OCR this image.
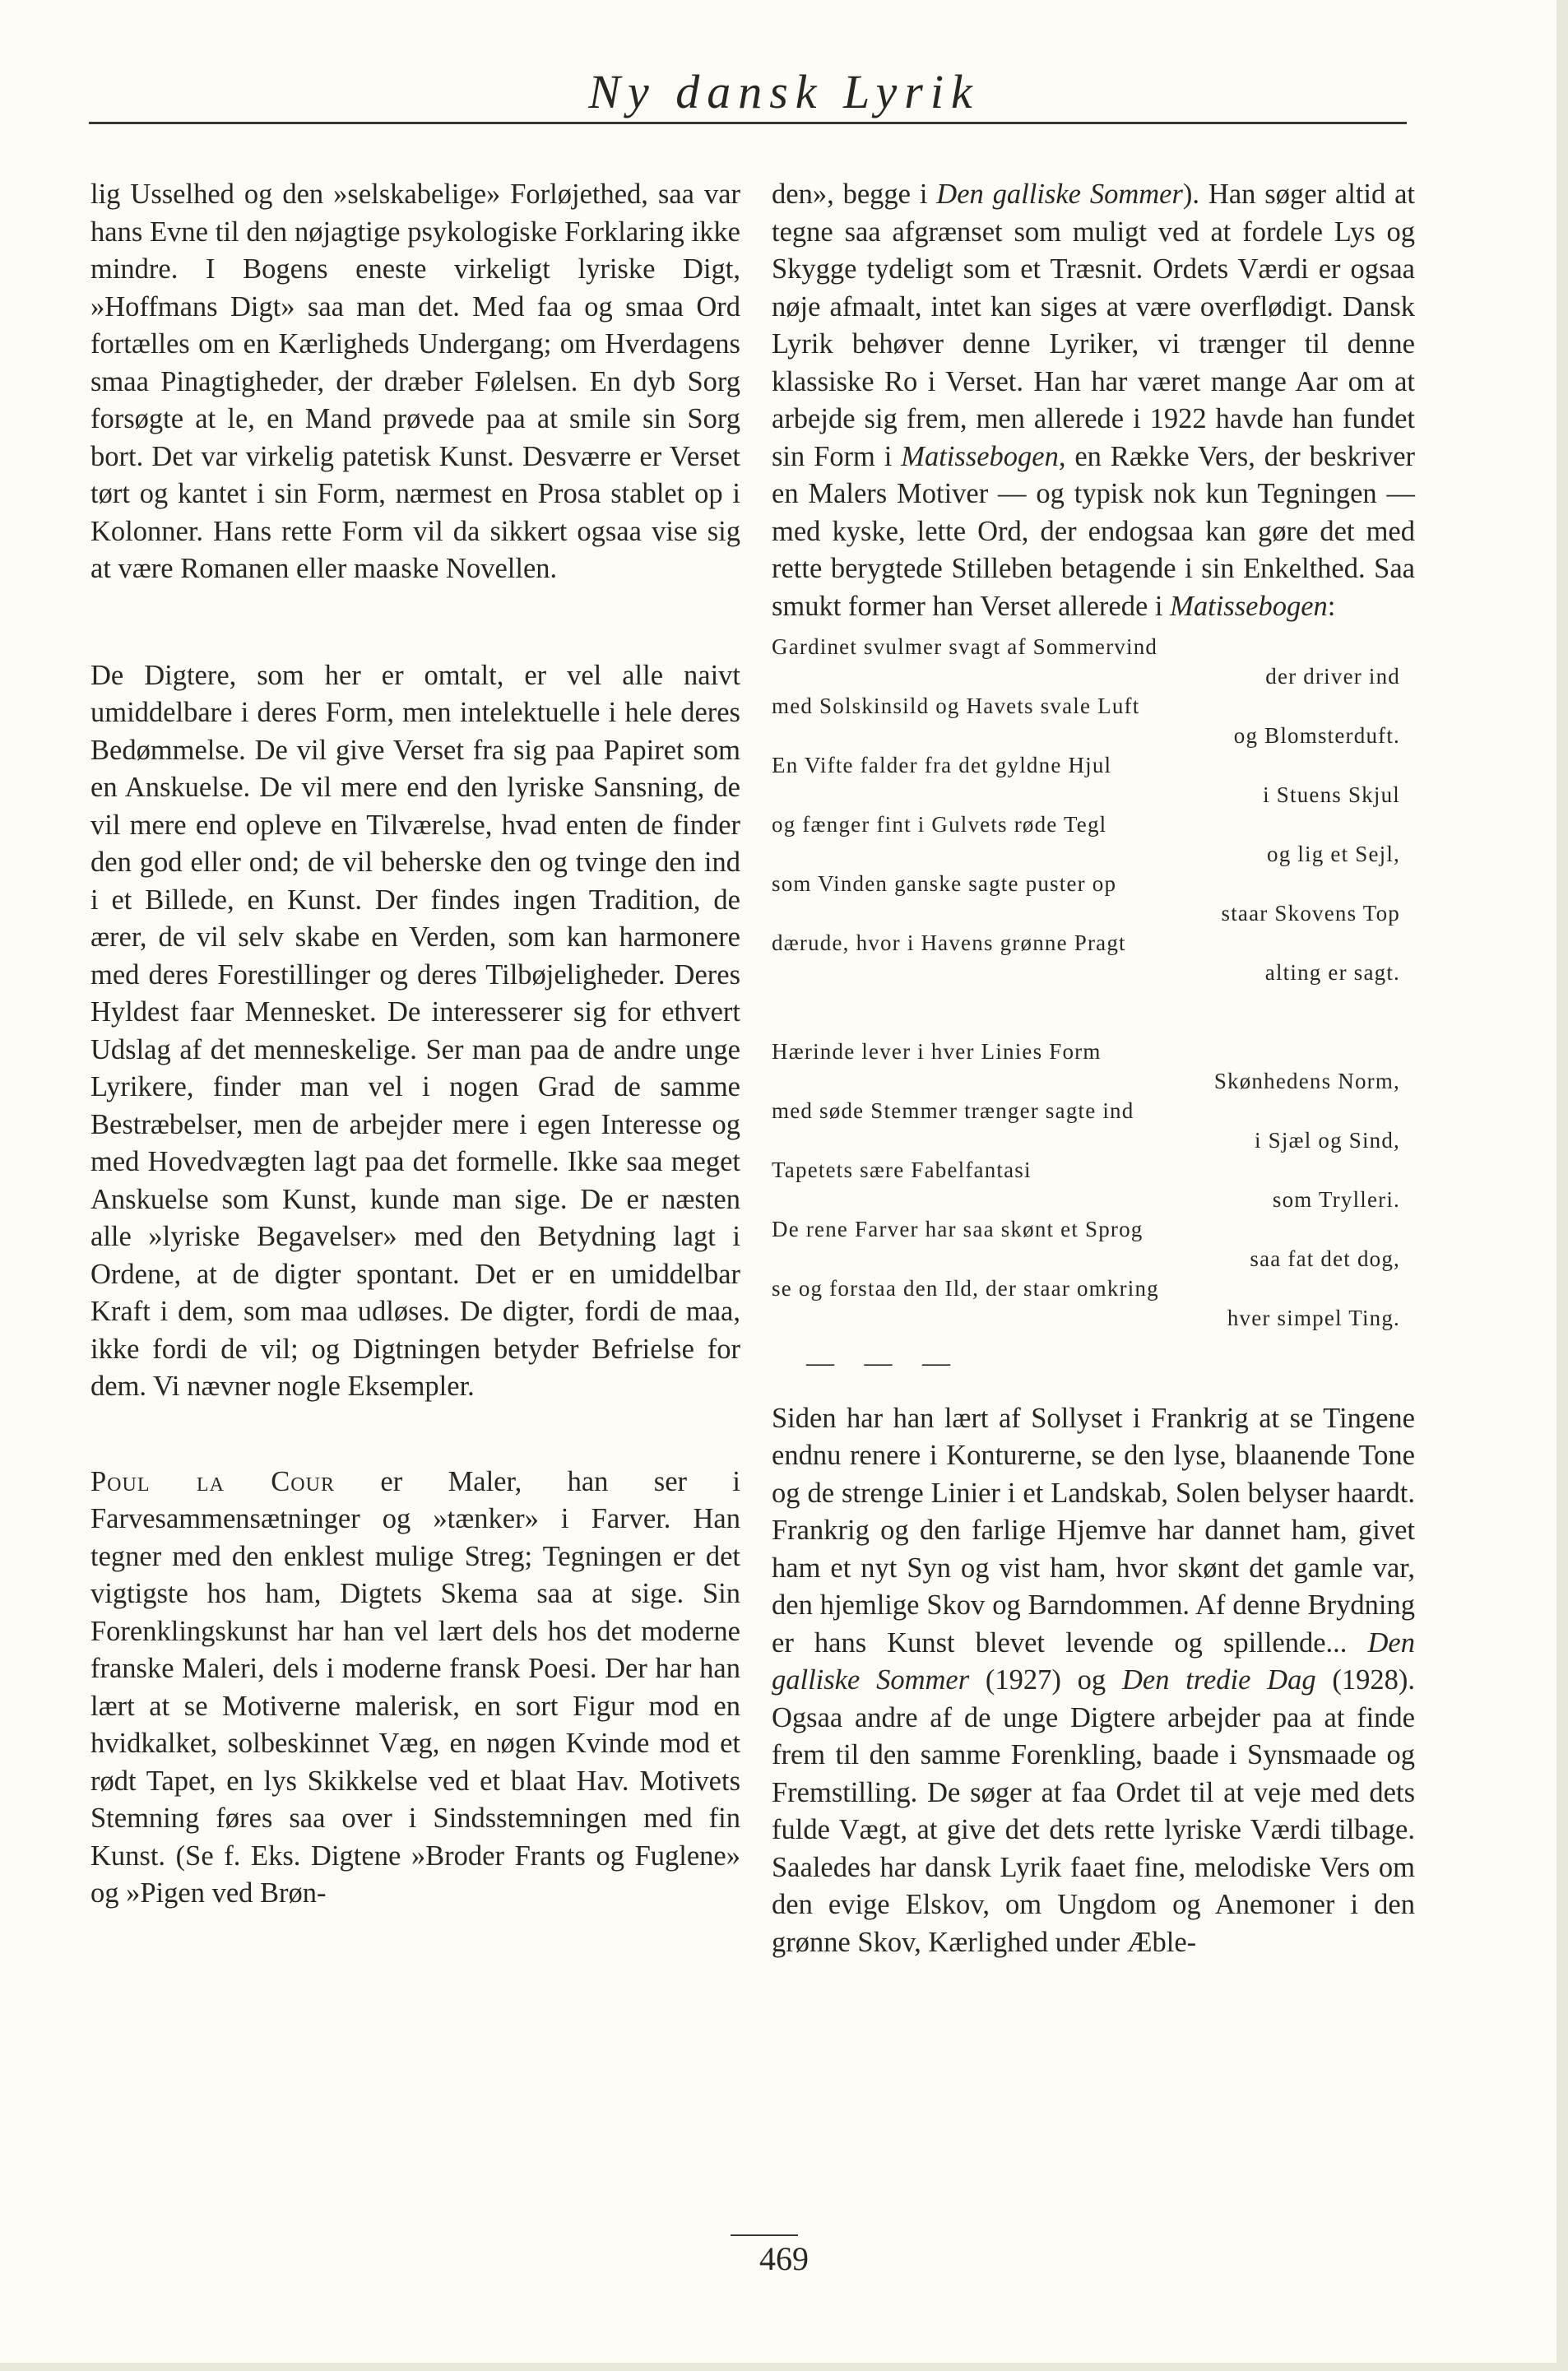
Ny dansk Lyrik

lig Usselhed og den »selskabelige» Forløjethed, saa var hans Evne til den nøjagtige psykologiske Forklaring ikke mindre. I Bogens eneste virkeligt lyriske Digt, »Hoffmans Digt» saa man det. Med faa og smaa Ord fortælles om en Kærligheds Undergang; om Hverdagens smaa Pinagtigheder, der dræber Følelsen. En dyb Sorg forsøgte at le, en Mand prøvede paa at smile sin Sorg bort. Det var virkelig patetisk Kunst. Desværre er Verset tørt og kantet i sin Form, nærmest en Prosa stablet op i Kolonner. Hans rette Form vil da sikkert ogsaa vise sig at være Romanen eller maaske Novellen.

De Digtere, som her er omtalt, er vel alle naivt umiddelbare i deres Form, men intelektuelle i hele deres Bedømmelse. De vil give Verset fra sig paa Papiret som en Anskuelse. De vil mere end den lyriske Sansning, de vil mere end opleve en Tilværelse, hvad enten de finder den god eller ond; de vil beherske den og tvinge den ind i et Billede, en Kunst. Der findes ingen Tradition, de ærer, de vil selv skabe en Verden, som kan harmonere med deres Forestillinger og deres Tilbøjeligheder. Deres Hyldest faar Mennesket. De interesserer sig for ethvert Udslag af det menneskelige. Ser man paa de andre unge Lyrikere, finder man vel i nogen Grad de samme Bestræbelser, men de arbejder mere i egen Interesse og med Hovedvægten lagt paa det formelle. Ikke saa meget Anskuelse som Kunst, kunde man sige. De er næsten alle »lyriske Begavelser» med den Betydning lagt i Ordene, at de digter spontant. Det er en umiddelbar Kraft i dem, som maa udløses. De digter, fordi de maa, ikke fordi de vil; og Digtningen betyder Befrielse for dem. Vi nævner nogle Eksempler.

Poul la Cour er Maler, han ser i Farvesammensætninger og »tænker» i Farver. Han tegner med den enklest mulige Streg; Tegningen er det vigtigste hos ham, Digtets Skema saa at sige. Sin Forenklingskunst har han vel lært dels hos det moderne franske Maleri, dels i moderne fransk Poesi. Der har han lært at se Motiverne malerisk, en sort Figur mod en hvidkalket, solbeskinnet Væg, en nøgen Kvinde mod et rødt Tapet, en lys Skikkelse ved et blaat Hav. Motivets Stemning føres saa over i Sindsstemningen med fin Kunst. (Se f. Eks. Digtene »Broder Frants og Fuglene» og »Pigen ved Brøn-

den», begge i Den galliske Sommer). Han søger altid at tegne saa afgrænset som muligt ved at fordele Lys og Skygge tydeligt som et Træsnit. Ordets Værdi er ogsaa nøje afmaalt, intet kan siges at være overflødigt. Dansk Lyrik behøver denne Lyriker, vi trænger til denne klassiske Ro i Verset. Han har været mange Aar om at arbejde sig frem, men allerede i 1922 havde han fundet sin Form i Matissebogen, en Række Vers, der beskriver en Malers Motiver — og typisk nok kun Tegningen — med kyske, lette Ord, der endogsaa kan gøre det med rette berygtede Stilleben betagende i sin Enkelthed. Saa smukt former han Verset allerede i Matissebogen:

Gardinet svulmer svagt af Sommervind
der driver ind
med Solskinsild og Havets svale Luft
og Blomsterduft.
En Vifte falder fra det gyldne Hjul
i Stuens Skjul
og fænger fint i Gulvets røde Tegl
og lig et Sejl,
som Vinden ganske sagte puster op
staar Skovens Top
dærude, hvor i Havens grønne Pragt
alting er sagt.
Hærinde lever i hver Linies Form
Skønhedens Norm,
med søde Stemmer trænger sagte ind
i Sjæl og Sind,
Tapetets sære Fabelfantasi
som Trylleri.
De rene Farver har saa skønt et Sprog
saa fat det dog,
se og forstaa den Ild, der staar omkring
hver simpel Ting.
— — —

Siden har han lært af Sollyset i Frankrig at se Tingene endnu renere i Konturerne, se den lyse, blaanende Tone og de strenge Linier i et Landskab, Solen belyser haardt. Frankrig og den farlige Hjemve har dannet ham, givet ham et nyt Syn og vist ham, hvor skønt det gamle var, den hjemlige Skov og Barndommen. Af denne Brydning er hans Kunst blevet levende og spillende... Den galliske Sommer (1927) og Den tredie Dag (1928). Ogsaa andre af de unge Digtere arbejder paa at finde frem til den samme Forenkling, baade i Synsmaade og Fremstilling. De søger at faa Ordet til at veje med dets fulde Vægt, at give det dets rette lyriske Værdi tilbage. Saaledes har dansk Lyrik faaet fine, melodiske Vers om den evige Elskov, om Ungdom og Anemoner i den grønne Skov, Kærlighed under Æble-

469
